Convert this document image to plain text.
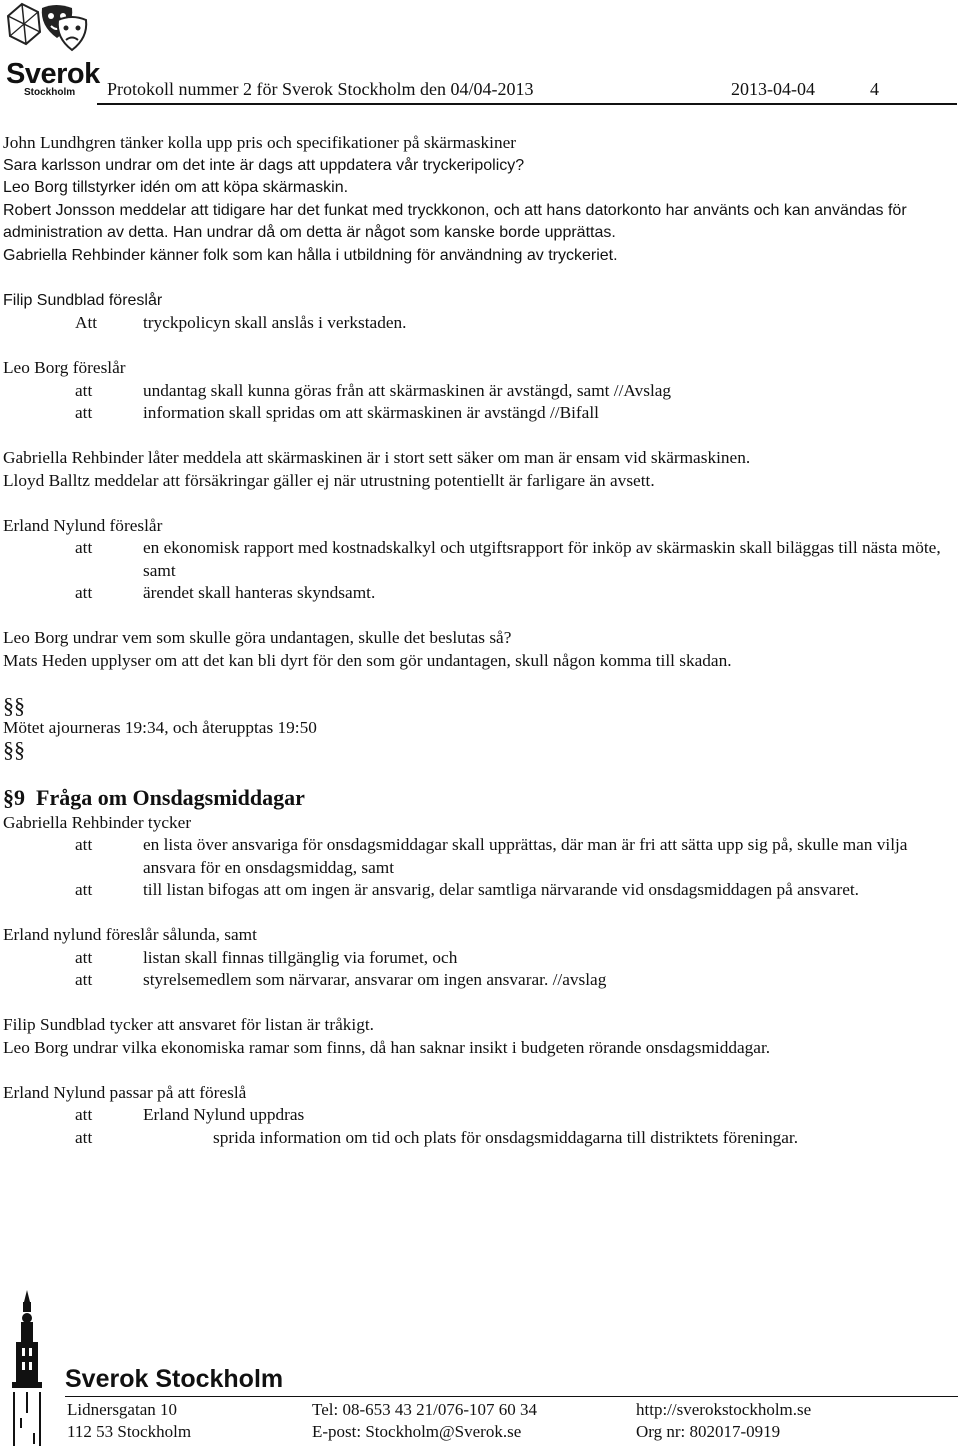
Sverok
Stockholm Protokoll nummer 2 för Sverok Stockholm den 04/04-2013	2013-04-04	4

John Lundhgren tänker kolla upp pris och specifikationer på skärmaskiner

Sara karlsson undrar om det inte är dags att uppdatera vår tryckeripolicy?

Leo Borg tillstyrker idén om att köpa skärmaskin.

Robert Jonsson meddelar att tidigare har det funkat med tryckkonon, och att hans datorkonto har använts och kan användas för administration av detta. Han undrar då om detta är något som kanske borde upprättas.

Gabriella Rehbinder känner folk som kan hålla i utbildning för användning av tryckeriet.

Filip Sundblad föreslår

Att	tryckpolicyn skall anslås i verkstaden.

Leo Borg föreslår

att	undantag skall kunna göras från att skärmaskinen är avstängd, samt //Avslag
att	information skall spridas om att skärmaskinen är avstängd //Bifall

Gabriella Rehbinder låter meddela att skärmaskinen är i stort sett säker om man är ensam vid skärmaskinen.

Lloyd Balltz meddelar att försäkringar gäller ej när utrustning potentiellt är farligare än avsett.

Erland Nylund föreslår

att	en ekonomisk rapport med kostnadskalkyl och utgiftsrapport för inköp av skärmaskin skall biläggas till nästa möte, samt
att	ärendet skall hanteras skyndsamt.

Leo Borg undrar vem som skulle göra undantagen, skulle det beslutas så?

Mats Heden upplyser om att det kan bli dyrt för den som gör undantagen, skull någon komma till skadan.

§§

Mötet ajourneras 19:34, och återupptas 19:50

§§

§9 Fråga om Onsdagsmiddagar

Gabriella Rehbinder tycker

att	en lista över ansvariga för onsdagsmiddagar skall upprättas, där man är fri att sätta upp sig på, skulle man vilja ansvara för en onsdagsmiddag, samt
att	till listan bifogas att om ingen är ansvarig, delar samtliga närvarande vid onsdagsmiddagen på ansvaret.

Erland nylund föreslår sålunda, samt

att	listan skall finnas tillgänglig via forumet, och
att	styrelsemedlem som närvarar, ansvarar om ingen ansvarar. //avslag

Filip Sundblad tycker att ansvaret för listan är tråkigt.

Leo Borg undrar vilka ekonomiska ramar som finns, då han saknar insikt i budgeten rörande onsdagsmiddagar.

Erland Nylund passar på att föreslå

att	Erland Nylund uppdras
att	sprida information om tid och plats för onsdagsmiddagarna till distriktets föreningar.
Sverok Stockholm
Lidnersgatan 10
112 53 Stockholm
Tel: 08-653 43 21/076-107 60 34
E-post: Stockholm@Sverok.se
http://sverokstockholm.se
Org nr: 802017-0919
